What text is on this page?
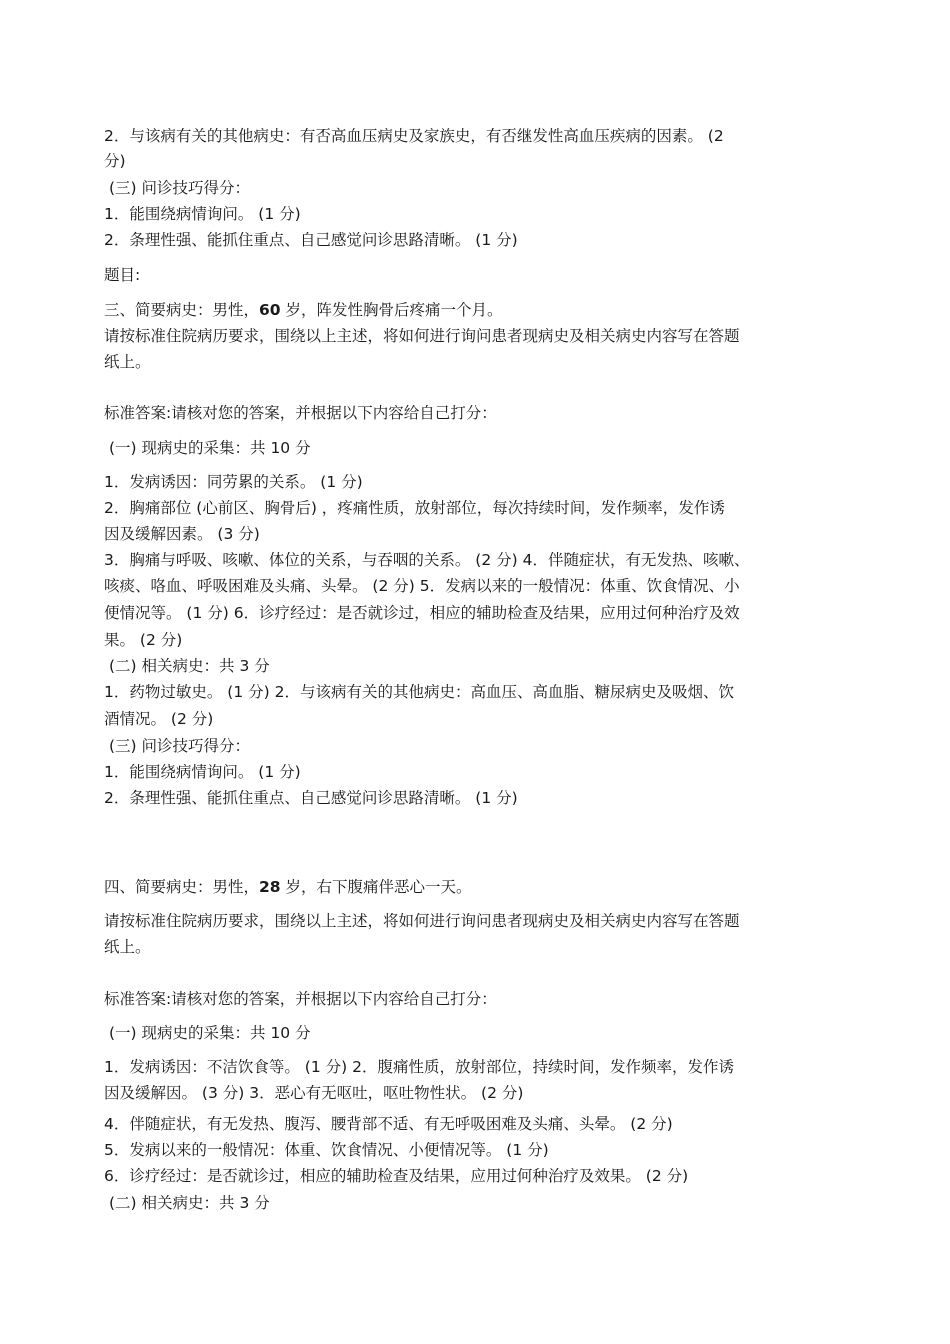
2．与该病有关的其他病史：有否高血压病史及家族史，有否继发性高血压疾病的因素。 (2
分)
(三) 问诊技巧得分：
1．能围绕病情询问。 (1 分)
2．条理性强、能抓住重点、自己感觉问诊思路清晰。 (1 分)
题目:
三、简要病史：男性，60 岁，阵发性胸骨后疼痛一个月。
请按标准住院病历要求，围绕以上主述，将如何进行询问患者现病史及相关病史内容写在答题
纸上。
标准答案:请核对您的答案，并根据以下内容给自己打分：
(一) 现病史的采集：共 10 分
1．发病诱因：同劳累的关系。 (1 分)
2．胸痛部位 (心前区、胸骨后) ，疼痛性质，放射部位，每次持续时间，发作频率，发作诱
因及缓解因素。 (3 分)
3．胸痛与呼吸、咳嗽、体位的关系，与吞咽的关系。 (2 分) 4．伴随症状，有无发热、咳嗽、
咳痰、咯血、呼吸困难及头痛、头晕。 (2 分) 5．发病以来的一般情况：体重、饮食情况、小
便情况等。 (1 分) 6．诊疗经过：是否就诊过，相应的辅助检查及结果，应用过何种治疗及效
果。 (2 分)
(二) 相关病史：共 3 分
1．药物过敏史。 (1 分) 2．与该病有关的其他病史：高血压、高血脂、糖尿病史及吸烟、饮
酒情况。 (2 分)
(三) 问诊技巧得分：
1．能围绕病情询问。 (1 分)
2．条理性强、能抓住重点、自己感觉问诊思路清晰。 (1 分)
四、简要病史：男性，28 岁，右下腹痛伴恶心一天。
请按标准住院病历要求，围绕以上主述，将如何进行询问患者现病史及相关病史内容写在答题
纸上。
标准答案:请核对您的答案，并根据以下内容给自己打分：
(一) 现病史的采集：共 10 分
1．发病诱因：不洁饮食等。 (1 分) 2．腹痛性质，放射部位，持续时间，发作频率，发作诱
因及缓解因。 (3 分) 3．恶心有无呕吐，呕吐物性状。 (2 分)
4．伴随症状，有无发热、腹泻、腰背部不适、有无呼吸困难及头痛、头晕。 (2 分)
5．发病以来的一般情况：体重、饮食情况、小便情况等。 (1 分)
6．诊疗经过：是否就诊过，相应的辅助检查及结果，应用过何种治疗及效果。 (2 分)
(二) 相关病史：共 3 分
